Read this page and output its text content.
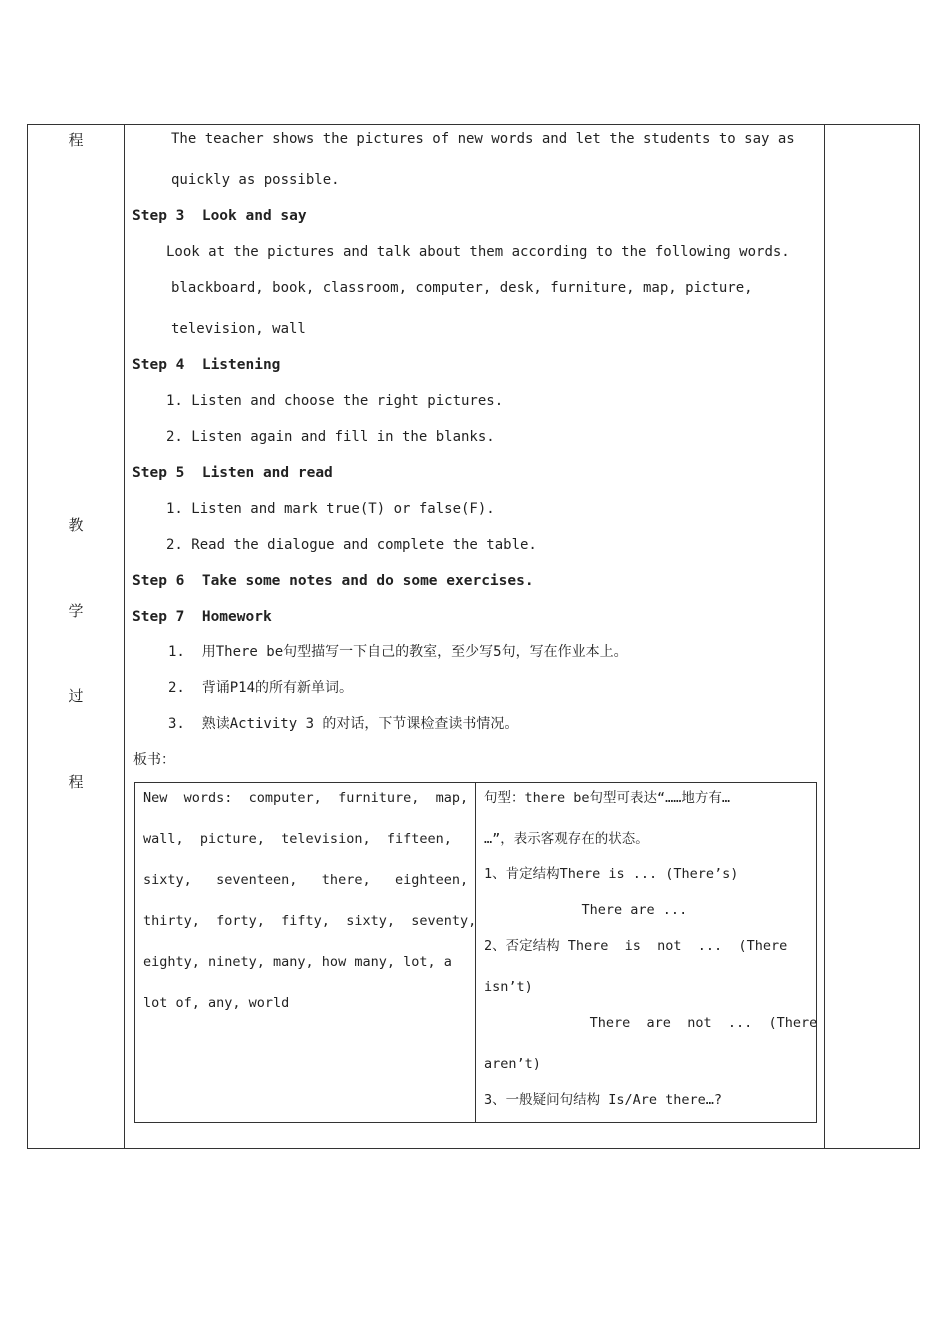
程
教
学
过
程
The teacher shows the pictures of new words and let the students to say as
quickly as possible.
Step 3  Look and say
Look at the pictures and talk about them according to the following words.
blackboard, book, classroom, computer, desk, furniture, map, picture,
television, wall
Step 4  Listening
1. Listen and choose the right pictures.
2. Listen again and fill in the blanks.
Step 5  Listen and read
1. Listen and mark true(T) or false(F).
2. Read the dialogue and complete the table.
Step 6  Take some notes and do some exercises.
Step 7  Homework
1.  用There be句型描写一下自己的教室，至少写5句，写在作业本上。
2.  背诵P14的所有新单词。
3.  熟读Activity 3 的对话，下节课检查读书情况。
板书：
New  words:  computer,  furniture,  map,
wall,  picture,  television,  fifteen,
sixty,   seventeen,   there,   eighteen,
thirty,  forty,  fifty,  sixty,  seventy,
eighty, ninety, many, how many, lot, a
lot of, any, world
句型：there be句型可表达“……地方有…
…”，表示客观存在的状态。
1、肯定结构There is ... (There’s)
There are ...
2、否定结构 There  is  not  ...  (There
isn’t)
There  are  not  ...  (There
aren’t)
3、一般疑问句结构 Is/Are there…?
